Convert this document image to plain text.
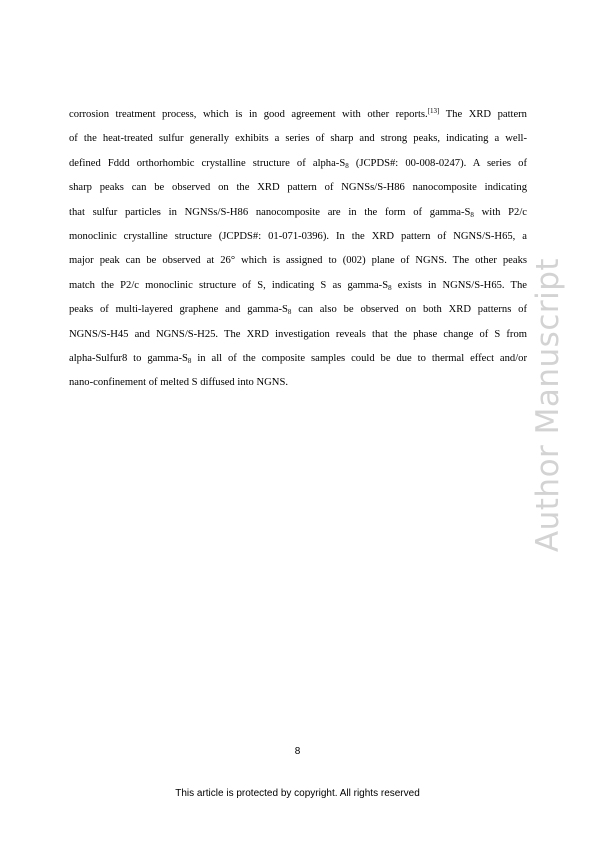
corrosion treatment process, which is in good agreement with other reports.[13] The XRD pattern
of the heat-treated sulfur generally exhibits a series of sharp and strong peaks, indicating a well-
defined Fddd orthorhombic crystalline structure of alpha-$S_8$ (JCPDS#: 00-008-0247). A series of
sharp peaks can be observed on the XRD pattern of NGNSs/S-H86 nanocomposite indicating
that sulfur particles in NGNSs/S-H86 nanocomposite are in the form of gamma-$S_8$ with P2/c
monoclinic crystalline structure (JCPDS#: 01-071-0396). In the XRD pattern of NGNS/S-H65, a
major peak can be observed at 26° which is assigned to (002) plane of NGNS. The other peaks
match the P2/c monoclinic structure of S, indicating S as gamma-$S_8$ exists in NGNS/S-H65. The
peaks of multi-layered graphene and gamma-$S_8$ can also be observed on both XRD patterns of
NGNS/S-H45 and NGNS/S-H25. The XRD investigation reveals that the phase change of S from
alpha-Sulfur8 to gamma-$S_8$ in all of the composite samples could be due to thermal effect and/or
nano-confinement of melted S diffused into NGNS.	Author Manuscript

8

This article is protected by copyright. All rights reserved
